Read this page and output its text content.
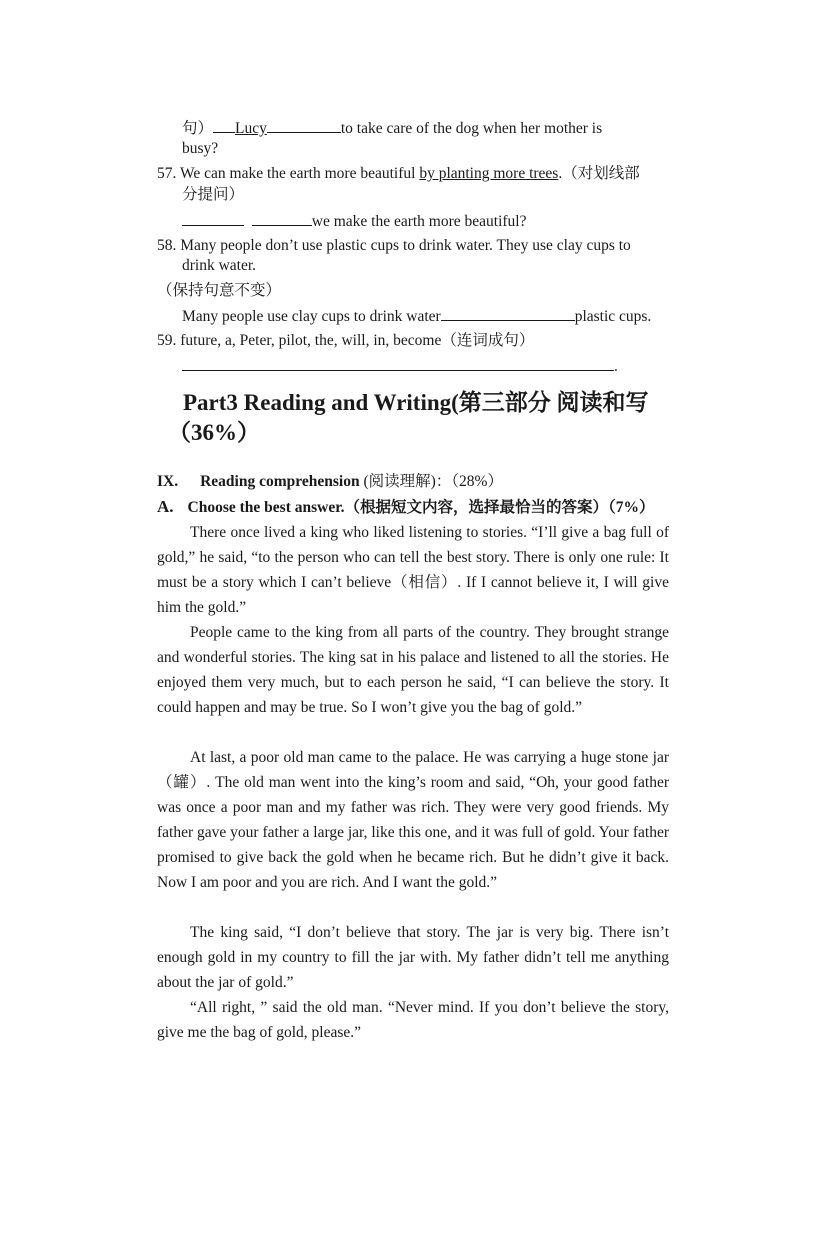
句） Lucy	to take care of the dog when her mother is
busy?
57. We can make the earth more beautiful by planting more trees.（对划线部
分提问）
we make the earth more beautiful?
58. Many people don’t use plastic cups to drink water. They use clay cups to
drink water.
（保持句意不变）
Many people use clay cups to drink water	plastic cups.
59. future, a, Peter, pilot, the, will, in, become（连词成句）
.
Part3 Reading and Writing(第三部分 阅读和写
（36%）
IX. Reading comprehension (阅读理解)：（28%）
A. Choose the best answer.（根据短文内容，选择最恰当的答案）（7%）

There once lived a king who liked listening to stories. “I’ll give a bag full of gold,” he said, “to the person who can tell the best story. There is only one rule: It must be a story which I can’t believe（相信）. If I cannot believe it, I will give him the gold.”

People came to the king from all parts of the country. They brought strange and wonderful stories. The king sat in his palace and listened to all the stories. He enjoyed them very much, but to each person he said, “I can believe the story. It could happen and may be true. So I won’t give you the bag of gold.”

At last, a poor old man came to the palace. He was carrying a huge stone jar（罐）. The old man went into the king’s room and said, “Oh, your good father was once a poor man and my father was rich. They were very good friends. My father gave your father a large jar, like this one, and it was full of gold. Your father promised to give back the gold when he became rich. But he didn’t give it back. Now I am poor and you are rich. And I want the gold.”

The king said, “I don’t believe that story. The jar is very big. There isn’t enough gold in my country to fill the jar with. My father didn’t tell me anything about the jar of gold.”

“All right, ” said the old man. “Never mind. If you don’t believe the story, give me the bag of gold, please.”
